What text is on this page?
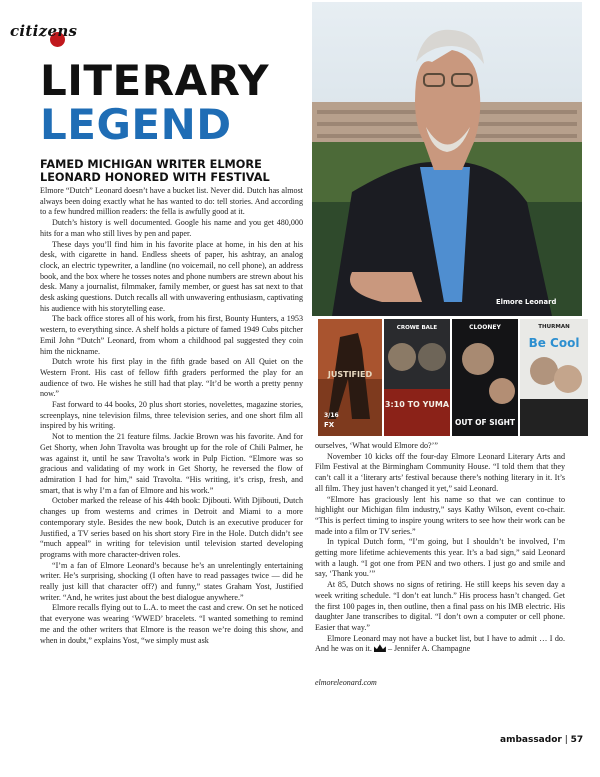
citizens
LITERARY
LEGEND
FAMED MICHIGAN WRITER ELMORE LEONARD HONORED WITH FESTIVAL
Elmore Leonard
JUSTIFIED
3/16
FX
CROWE BALE
3:10 TO YUMA
CLOONEY
OUT OF SIGHT
THURMAN
Be Cool

Elmore “Dutch” Leonard doesn’t have a bucket list. Never did. Dutch has almost always been doing exactly what he has wanted to do: tell stories. And according to a few hundred million readers: the fella is awfully good at it.

Dutch’s history is well documented. Google his name and you get 480,000 hits for a man who still lives by pen and paper.

These days you’ll find him in his favorite place at home, in his den at his desk, with cigarette in hand. Endless sheets of paper, his ashtray, an analog clock, an electric typewriter, a landline (no voicemail, no cell phone), an address book, and the box where he tosses notes and phone numbers are strewn about his desk. Many a journalist, filmmaker, family member, or guest has sat next to that desk asking questions. Dutch recalls all with unwavering enthusiasm, captivating his audience with his storytelling ease.

The back office stores all of his work, from his first, Bounty Hunters, a 1953 western, to everything since. A shelf holds a picture of famed 1949 Cubs pitcher Emil John “Dutch” Leonard, from whom a childhood pal suggested they coin him the nickname.

Dutch wrote his first play in the fifth grade based on All Quiet on the Western Front. His cast of fellow fifth graders performed the play for an audience of two. He wishes he still had that play. “It’d be worth a pretty penny now.”

Fast forward to 44 books, 20 plus short stories, novelettes, magazine stories, screenplays, nine television films, three television series, and one short film all inspired by his writing.

Not to mention the 21 feature films. Jackie Brown was his favorite. And for Get Shorty, when John Travolta was brought up for the role of Chili Palmer, he was against it, until he saw Travolta’s work in Pulp Fiction. “Elmore was so gracious and validating of my work in Get Shorty, he reversed the flow of admiration I had for him,” said Travolta. “His writing, it’s crisp, fresh, and smart, that is why I’m a fan of Elmore and his work.”

October marked the release of his 44th book: Djibouti. With Djibouti, Dutch changes up from westerns and crimes in Detroit and Miami to a more contemporary style. Besides the new book, Dutch is an executive producer for Justified, a TV series based on his short story Fire in the Hole. Dutch didn’t see “much appeal” in writing for television until television started developing programs with more character-driven roles.

“I’m a fan of Elmore Leonard’s because he’s an unrelentingly entertaining writer. He’s surprising, shocking (I often have to read passages twice — did he really just kill that character off?) and funny,” states Graham Yost, Justified writer. “And, he writes just about the best dialogue anywhere.”

Elmore recalls flying out to L.A. to meet the cast and crew. On set he noticed that everyone was wearing ‘WWED’ bracelets. “I wanted something to remind me and the other writers that Elmore is the reason we’re doing this show, and when in doubt,” explains Yost, “we simply must ask

ourselves, ‘What would Elmore do?’”

November 10 kicks off the four-day Elmore Leonard Literary Arts and Film Festival at the Birmingham Community House. “I told them that they can’t call it a ‘literary arts’ festival because there’s nothing literary in it. It’s all film. They just haven’t changed it yet,” said Leonard.

“Elmore has graciously lent his name so that we can continue to highlight our Michigan film industry,” says Kathy Wilson, event co-chair. “This is perfect timing to inspire young writers to see how their work can be made into a film or TV series.”

In typical Dutch form, “I’m going, but I shouldn’t be involved, I’m getting more lifetime achievements this year. It’s a bad sign,” said Leonard with a laugh. “I got one from PEN and two others. I just go and smile and say, ‘Thank you.’”

At 85, Dutch shows no signs of retiring. He still keeps his seven day a week writing schedule. “I don’t eat lunch.” His process hasn’t changed. Get the first 100 pages in, then outline, then a final pass on his IMB electric. His daughter Jane transcribes to digital. “I don’t own a computer or cell phone. Easier that way.”

Elmore Leonard may not have a bucket list, but I have to admit … I do. And he was on it. – Jennifer A. Champagne

elmoreleonard.com
ambassador | 57
